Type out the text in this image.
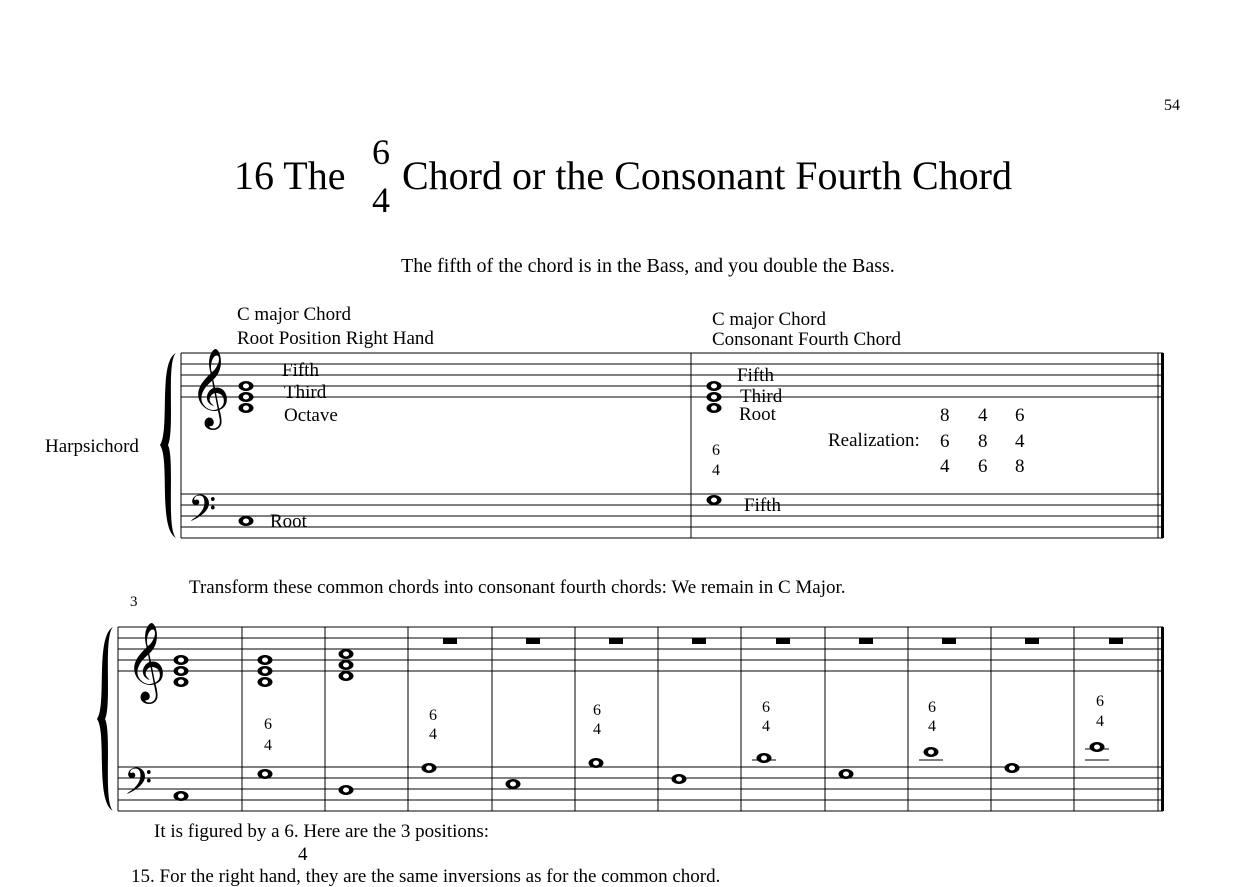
54
16 The
6
4
Chord or the Consonant Fourth Chord
The fifth of the chord is in the Bass, and you double the Bass.
𝄞
𝄢
Harpsichord
C major Chord
Root Position Right Hand
Fifth
Third
Octave
Root
C major Chord
Consonant Fourth Chord
Fifth
Third
Root
6
4
Fifth
Realization:
8 4 6
6 8 4
4 6 8
Transform these common chords into consonant fourth chords: We remain in C Major.
𝄞
𝄢
3
6
4
6
4
6
4
6
4
6
4
6
4
It is figured by a 6. Here are the 3 positions:
4
15. For the right hand, they are the same inversions as for the common chord.
